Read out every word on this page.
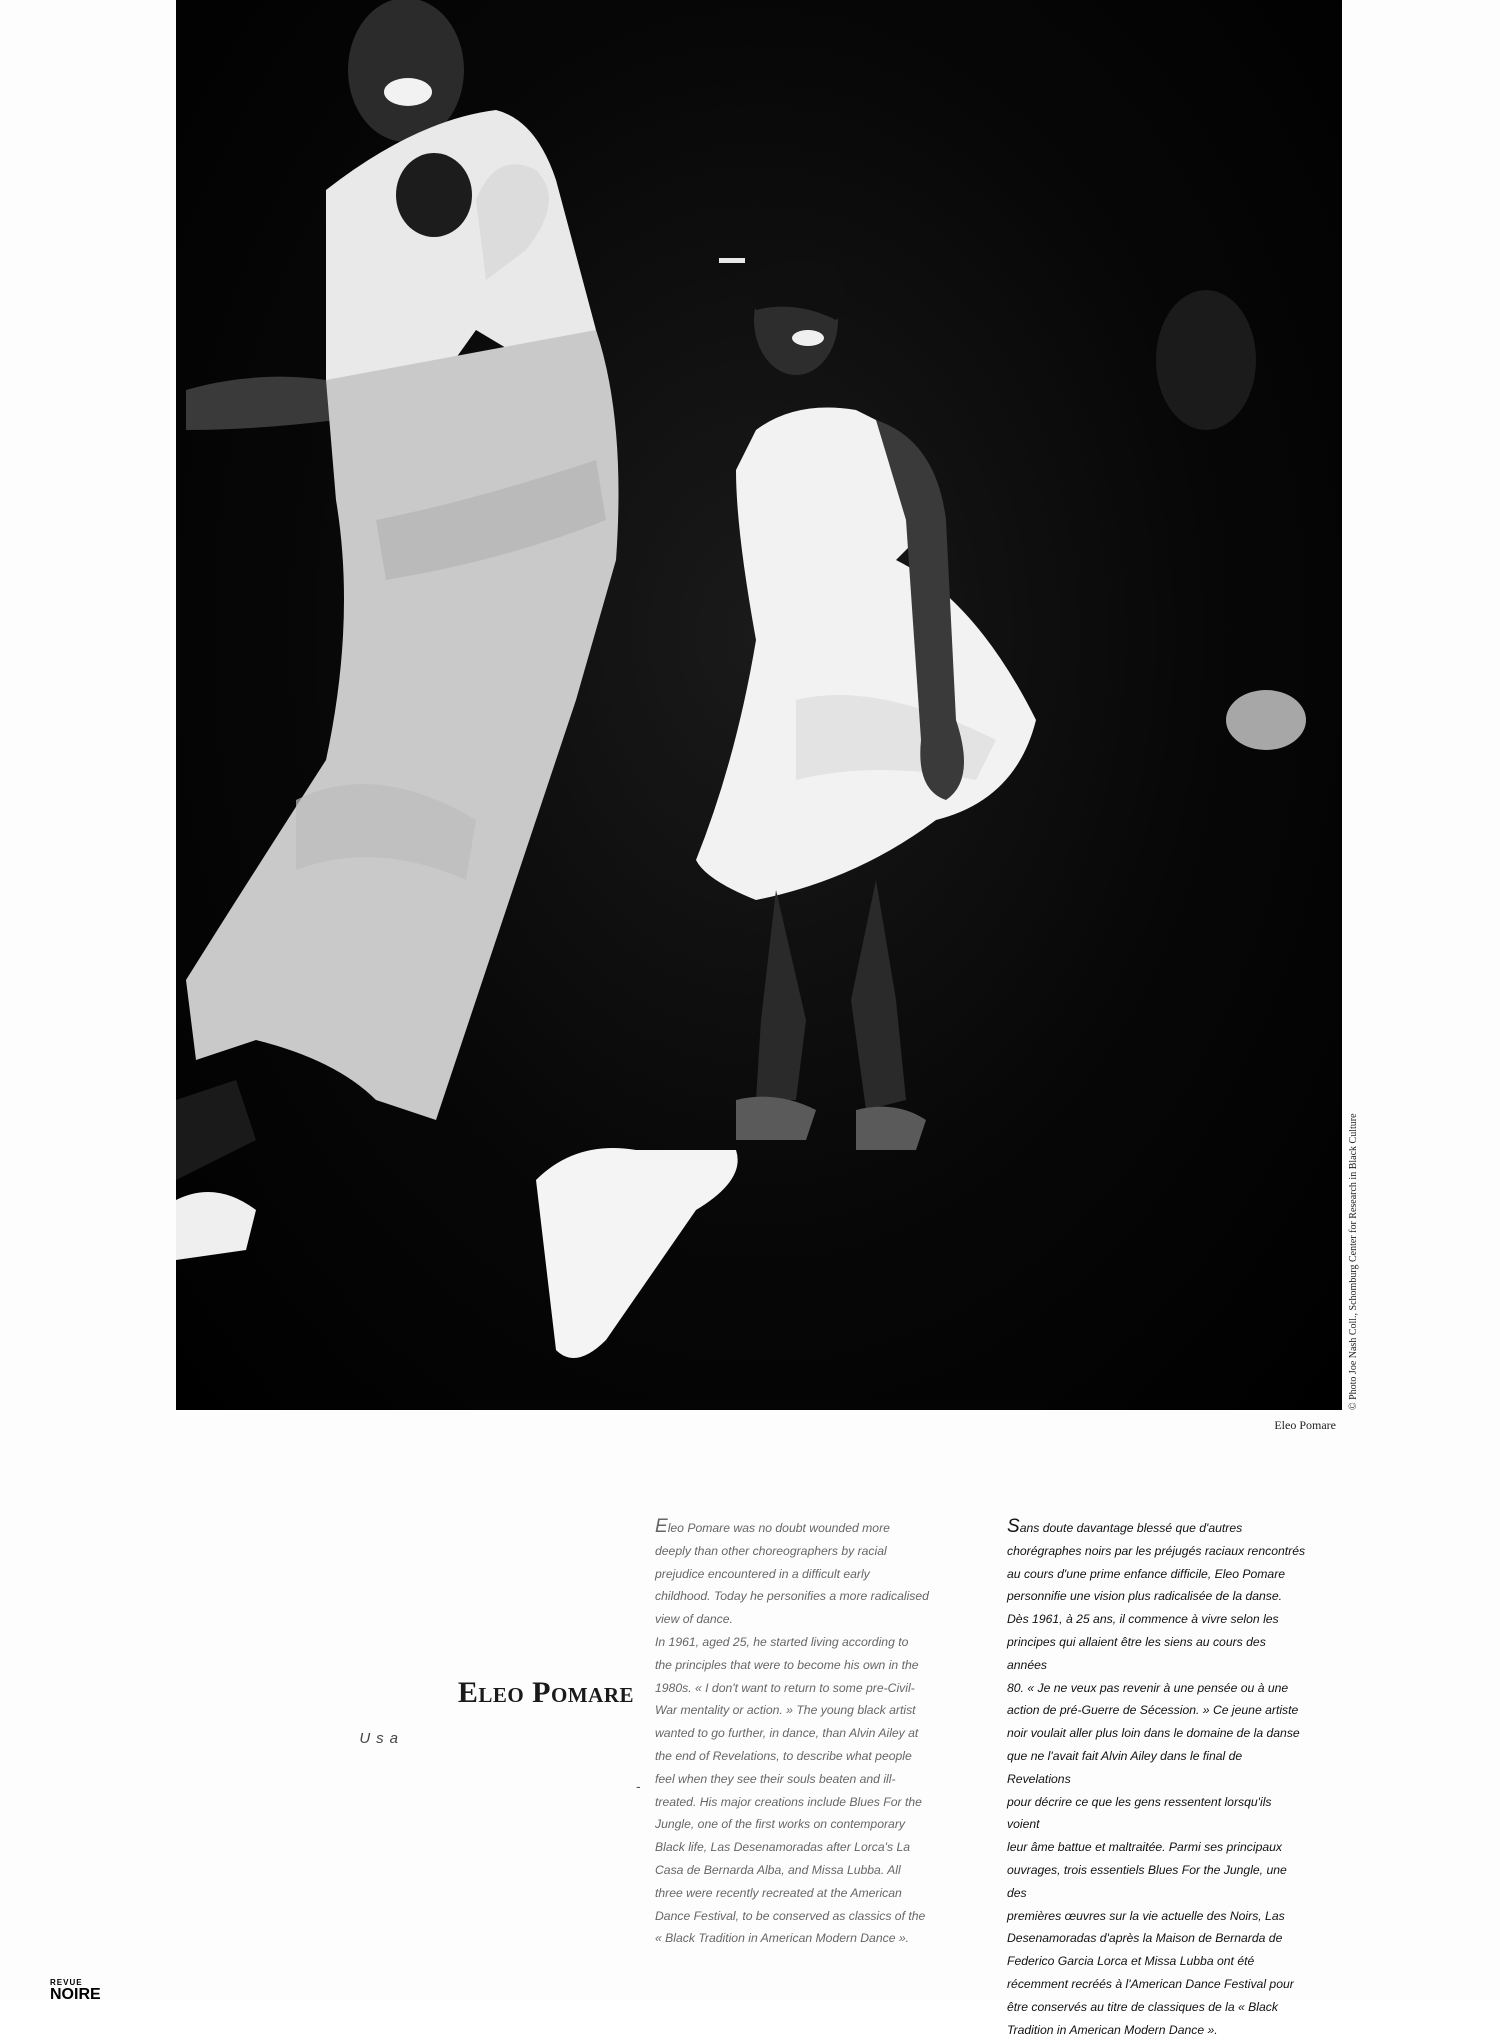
© Photo Joe Nash Coll., Schomburg Center for Research in Black Culture
Eleo Pomare
Eleo Pomare
Usa

Eleo Pomare was no doubt wounded more
deeply than other choreographers by racial
prejudice encountered in a difficult early
childhood. Today he personifies a more radicalised
view of dance.
In 1961, aged 25, he started living according to
the principles that were to become his own in the
1980s. « I don't want to return to some pre-Civil-
War mentality or action. » The young black artist
wanted to go further, in dance, than Alvin Ailey at
the end of Revelations, to describe what people
feel when they see their souls beaten and ill-
treated. His major creations include Blues For the
Jungle, one of the first works on contemporary
Black life, Las Desenamoradas after Lorca's La
Casa de Bernarda Alba, and Missa Lubba. All
three were recently recreated at the American
Dance Festival, to be conserved as classics of the
« Black Tradition in American Modern Dance ».

-

Sans doute davantage blessé que d'autres
chorégraphes noirs par les préjugés raciaux rencontrés
au cours d'une prime enfance difficile, Eleo Pomare
personnifie une vision plus radicalisée de la danse.
Dès 1961, à 25 ans, il commence à vivre selon les
principes qui allaient être les siens au cours des années
80. « Je ne veux pas revenir à une pensée ou à une
action de pré-Guerre de Sécession. » Ce jeune artiste
noir voulait aller plus loin dans le domaine de la danse
que ne l'avait fait Alvin Ailey dans le final de Revelations
pour décrire ce que les gens ressentent lorsqu'ils voient
leur âme battue et maltraitée. Parmi ses principaux
ouvrages, trois essentiels Blues For the Jungle, une des
premières œuvres sur la vie actuelle des Noirs, Las
Desenamoradas d'après la Maison de Bernarda de
Federico Garcia Lorca et Missa Lubba ont été
récemment recréés à l'American Dance Festival pour
être conservés au titre de classiques de la « Black
Tradition in American Modern Dance ».

REVUE
NOIRE
